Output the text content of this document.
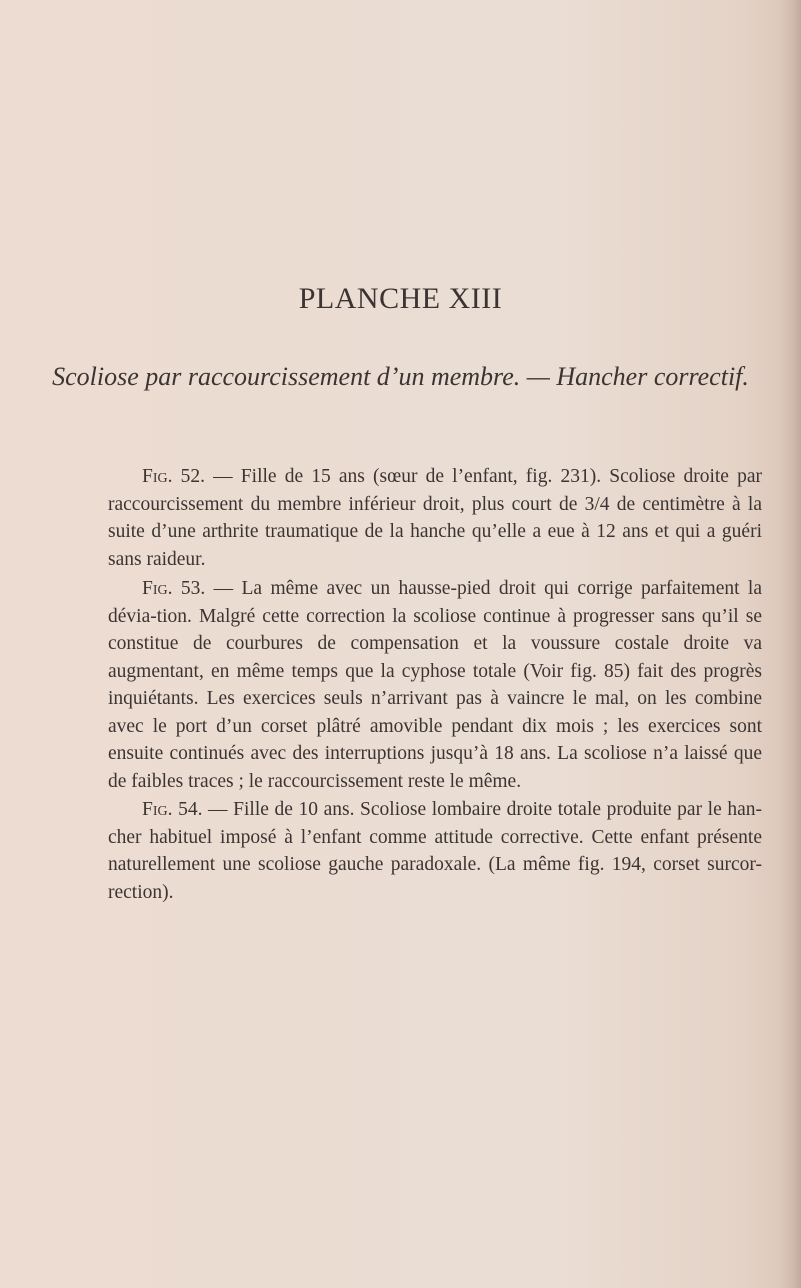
PLANCHE XIII

Scoliose par raccourcissement d’un membre. — Hancher correctif.

Fig. 52. — Fille de 15 ans (sœur de l’enfant, fig. 231). Scoliose droite par raccourcissement du membre inférieur droit, plus court de 3/4 de centimètre à la suite d’une arthrite traumatique de la hanche qu’elle a eue à 12 ans et qui a guéri sans raideur.

Fig. 53. — La même avec un hausse-pied droit qui corrige parfaitement la dévia-tion. Malgré cette correction la scoliose continue à progresser sans qu’il se constitue de courbures de compensation et la voussure costale droite va augmentant, en même temps que la cyphose totale (Voir fig. 85) fait des progrès inquiétants. Les exercices seuls n’arrivant pas à vaincre le mal, on les combine avec le port d’un corset plâtré amovible pendant dix mois ; les exercices sont ensuite continués avec des interruptions jusqu’à 18 ans. La scoliose n’a laissé que de faibles traces ; le raccourcissement reste le même.

Fig. 54. — Fille de 10 ans. Scoliose lombaire droite totale produite par le han-cher habituel imposé à l’enfant comme attitude corrective. Cette enfant présente naturellement une scoliose gauche paradoxale. (La même fig. 194, corset surcor-rection).
